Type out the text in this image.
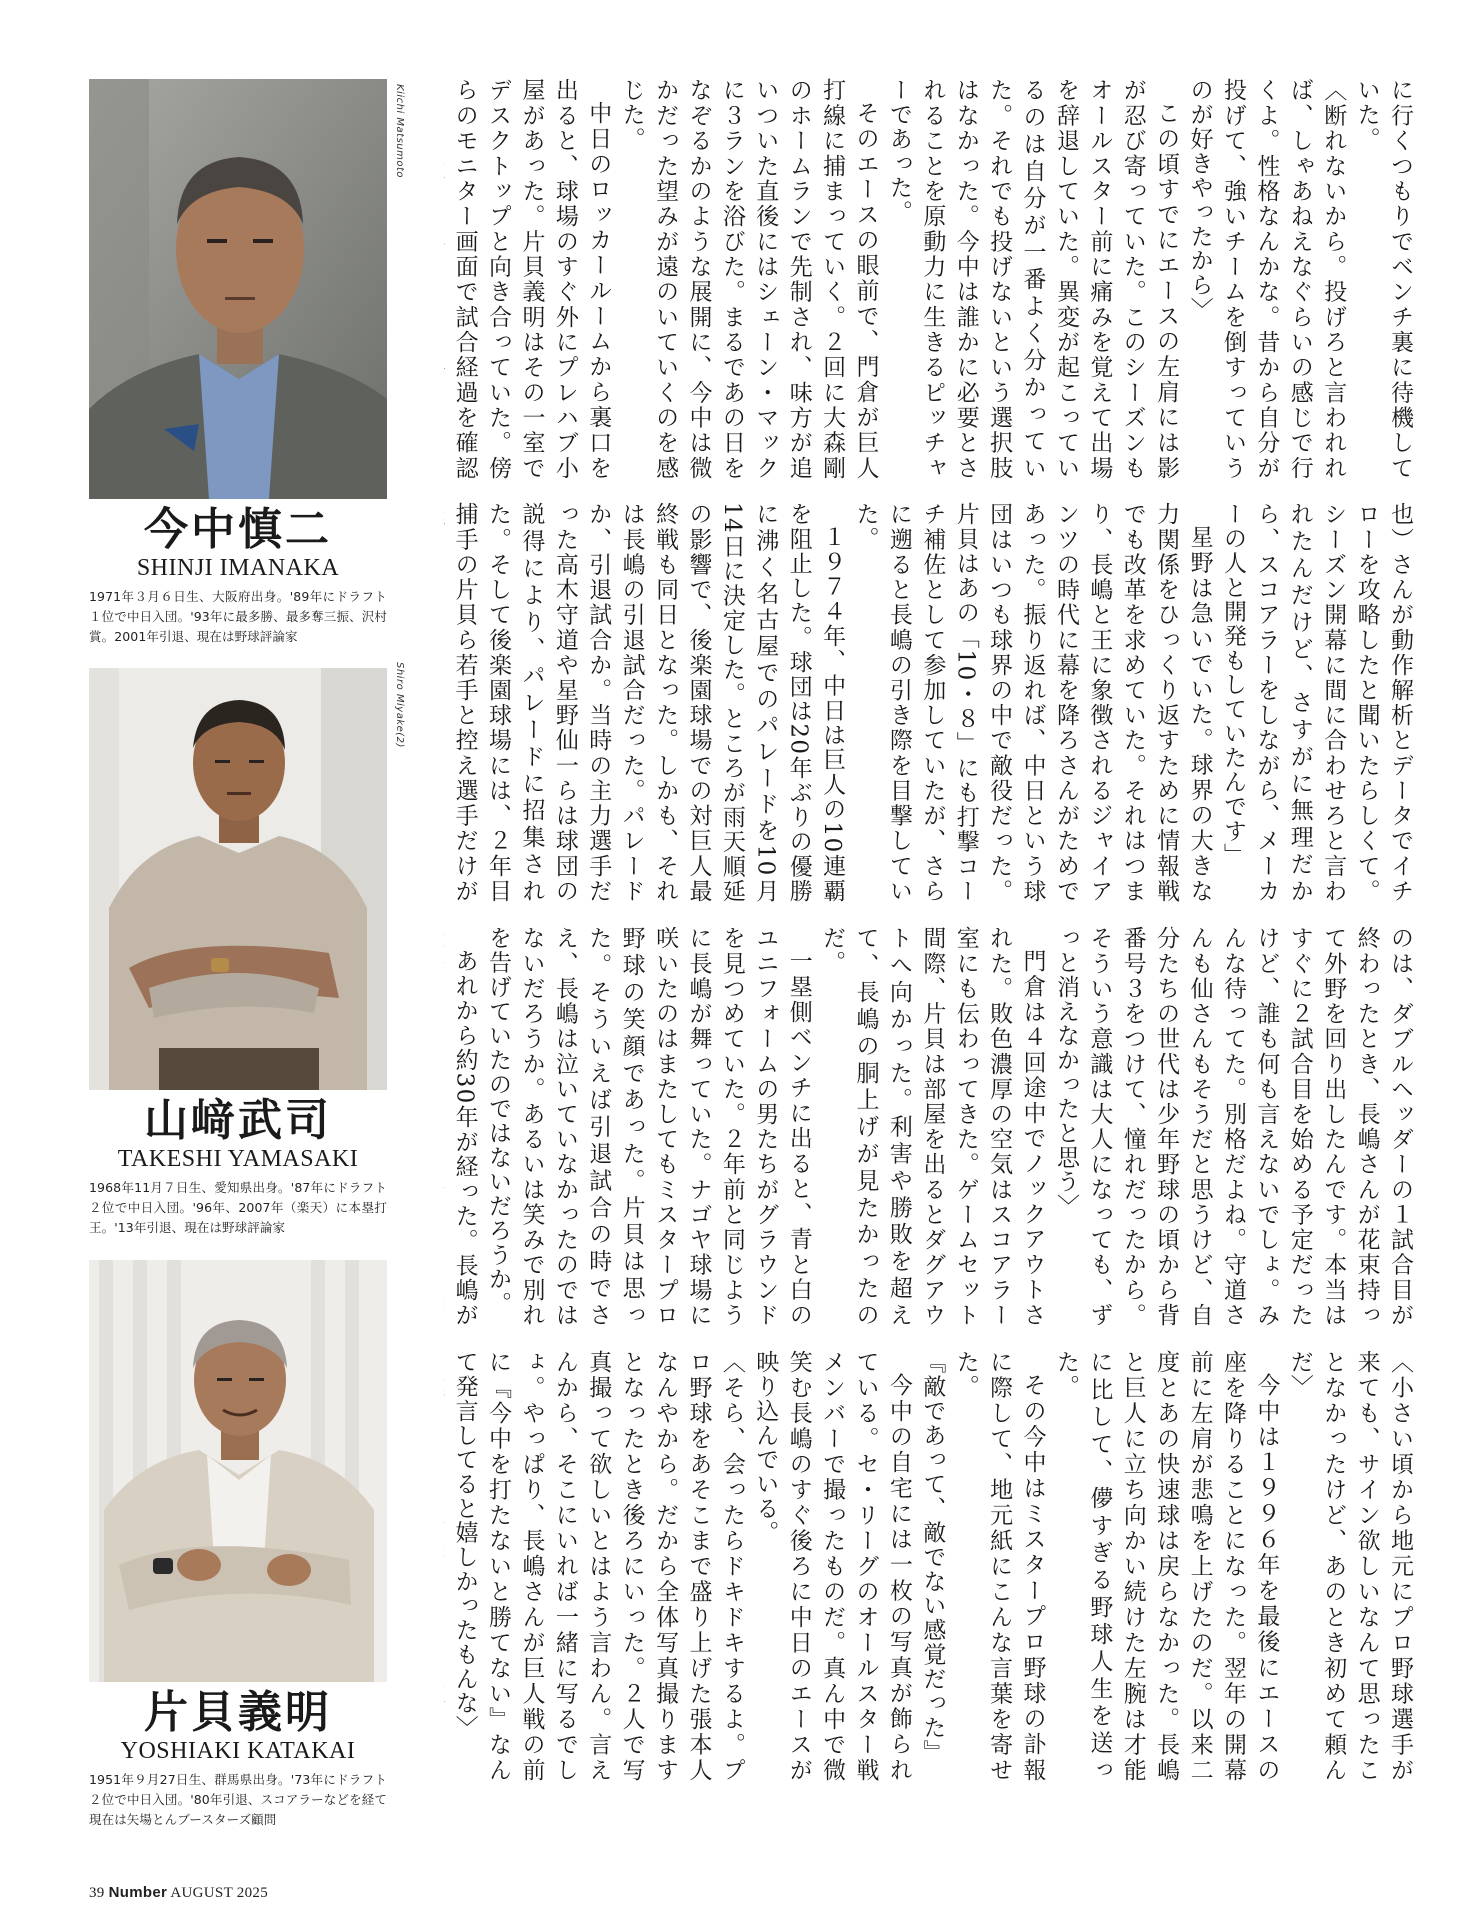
Kiichi Matsumoto
Shiro Miyake(2)
今中慎二
SHINJI IMANAKA
1971年３月６日生、大阪府出身。'89年にドラフト１位で中日入団。'93年に最多勝、最多奪三振、沢村賞。2001年引退、現在は野球評論家
山﨑武司
TAKESHI YAMASAKI
1968年11月７日生、愛知県出身。'87年にドラフト２位で中日入団。'96年、2007年（楽天）に本塁打王。'13年引退、現在は野球評論家
片貝義明
YOSHIAKI KATAKAI
1951年９月27日生、群馬県出身。'73年にドラフト２位で中日入団。'80年引退、スコアラーなどを経て現在は矢場とんブースターズ顧問

に行くつもりでベンチ裏に待機していた。

〈断れないから。投げろと言われれば、しゃあねえなぐらいの感じで行くよ。性格なんかな。昔から自分が投げて、強いチームを倒すっていうのが好きやったから〉

この頃すでにエースの左肩には影が忍び寄っていた。このシーズンもオールスター前に痛みを覚えて出場を辞退していた。異変が起こっているのは自分が一番よく分かっていた。それでも投げないという選択肢はなかった。今中は誰かに必要とされることを原動力に生きるピッチャーであった。

そのエースの眼前で、門倉が巨人打線に捕まっていく。２回に大森剛のホームランで先制され、味方が追いついた直後にはシェーン・マックに３ランを浴びた。まるであの日をなぞるかのような展開に、今中は微かだった望みが遠のいていくのを感じた。

中日のロッカールームから裏口を出ると、球場のすぐ外にプレハブ小屋があった。片貝義明はその一室でデスクトップと向き合っていた。傍らのモニター画面で試合経過を確認

也）さんが動作解析とデータでイチローを攻略したと聞いたらしくて。シーズン開幕に間に合わせろと言われたんだけど、さすがに無理だから、スコアラーをしながら、メーカーの人と開発もしていたんです」

星野は急いでいた。球界の大きな力関係をひっくり返すために情報戦でも改革を求めていた。それはつまり、長嶋と王に象徴されるジャイアンツの時代に幕を降ろさんがためであった。振り返れば、中日という球団はいつも球界の中で敵役だった。片貝はあの「10・８」にも打撃コーチ補佐として参加していたが、さらに遡ると長嶋の引き際を目撃していた。

１９７４年、中日は巨人の10連覇を阻止した。球団は20年ぶりの優勝に沸く名古屋でのパレードを10月14日に決定した。ところが雨天順延の影響で、後楽園球場での対巨人最終戦も同日となった。しかも、それは長嶋の引退試合だった。パレードか、引退試合か。当時の主力選手だった高木守道や星野仙一らは球団の説得により、パレードに招集された。そして後楽園球場には、２年目捕手の片貝ら若手と控え選手だけが

のは、ダブルヘッダーの１試合目が終わったとき、長嶋さんが花束持って外野を回り出したんです。本当はすぐに２試合目を始める予定だったけど、誰も何も言えないでしょ。みんな待ってた。別格だよね。守道さんも仙さんもそうだと思うけど、自分たちの世代は少年野球の頃から背番号３をつけて、憧れだったから。そういう意識は大人になっても、ずっと消えなかったと思う〉

門倉は４回途中でノックアウトされた。敗色濃厚の空気はスコアラー室にも伝わってきた。ゲームセット間際、片貝は部屋を出るとダグアウトへ向かった。利害や勝敗を超えて、長嶋の胴上げが見たかったのだ。

一塁側ベンチに出ると、青と白のユニフォームの男たちがグラウンドを見つめていた。２年前と同じように長嶋が舞っていた。ナゴヤ球場に咲いたのはまたしてもミスタープロ野球の笑顔であった。片貝は思った。そういえば引退試合の時でさえ、長嶋は泣いていなかったのではないだろうか。あるいは笑みで別れを告げていたのではないだろうか。

あれから約30年が経った。長嶋が

〈小さい頃から地元にプロ野球選手が来ても、サイン欲しいなんて思ったことなかったけど、あのとき初めて頼んだ〉

今中は１９９６年を最後にエースの座を降りることになった。翌年の開幕前に左肩が悲鳴を上げたのだ。以来二度とあの快速球は戻らなかった。長嶋と巨人に立ち向かい続けた左腕は才能に比して、儚すぎる野球人生を送った。

その今中はミスタープロ野球の訃報に際して、地元紙にこんな言葉を寄せた。

『敵であって、敵でない感覚だった』

今中の自宅には一枚の写真が飾られている。セ・リーグのオールスター戦メンバーで撮ったものだ。真ん中で微笑む長嶋のすぐ後ろに中日のエースが映り込んでいる。

〈そら、会ったらドキドキするよ。プロ野球をあそこまで盛り上げた張本人なんやから。だから全体写真撮りますとなったとき後ろにいった。２人で写真撮って欲しいとはよう言わん。言えんから、そこにいれば一緒に写るでしょ。やっぱり、長嶋さんが巨人戦の前に『今中を打たないと勝てない』なんて発言してると嬉しかったもんな〉

39 Number AUGUST 2025
